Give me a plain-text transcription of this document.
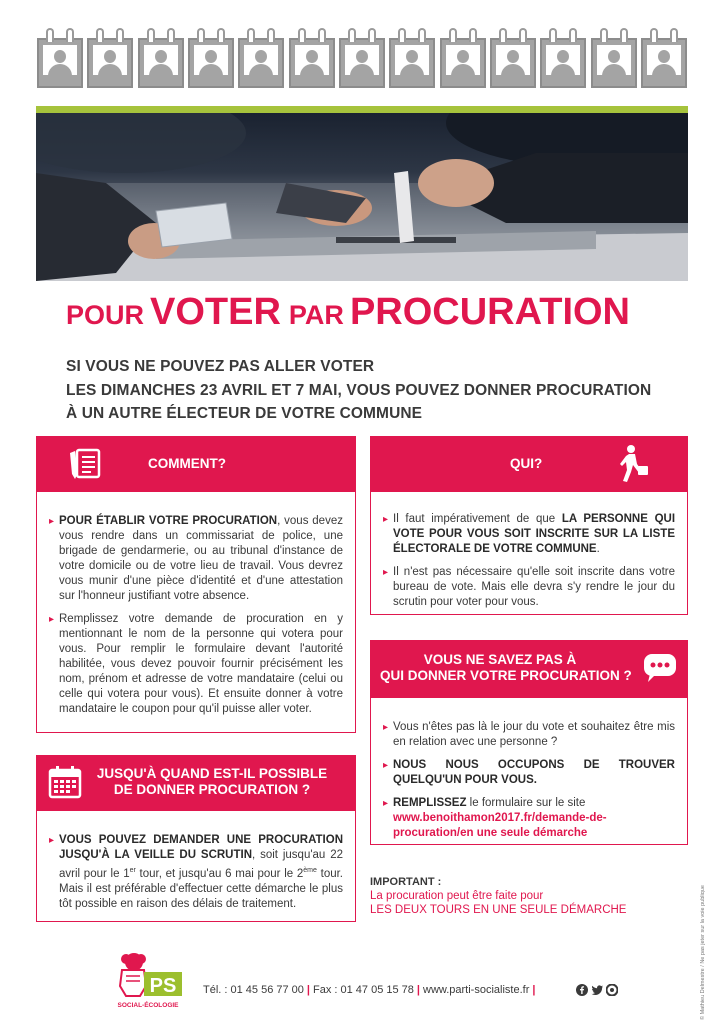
POUR VOTER PAR PROCURATION
SI VOUS NE POUVEZ PAS ALLER VOTER
LES DIMANCHES 23 AVRIL ET 7 MAI, VOUS POUVEZ DONNER PROCURATION
À UN AUTRE ÉLECTEUR DE VOTRE COMMUNE
COMMENT?

▸ POUR ÉTABLIR VOTRE PROCURATION, vous devez vous rendre dans un commissariat de police, une brigade de gendarmerie, ou au tribunal d'instance de votre domicile ou de votre lieu de travail. Vous devrez vous munir d'une pièce d'identité et d'une attestation sur l'honneur justifiant votre absence.

▸ Remplissez votre demande de procuration en y mentionnant le nom de la personne qui votera pour vous. Pour remplir le formulaire devant l'autorité habilitée, vous devez pouvoir fournir précisément les nom, prénom et adresse de votre mandataire (celui ou celle qui votera pour vous). Et ensuite donner à votre mandataire le coupon pour qu'il puisse aller voter.

JUSQU'À QUAND EST-IL POSSIBLE
DE DONNER PROCURATION ?

▸ VOUS POUVEZ DEMANDER UNE PROCURATION JUSQU'À LA VEILLE DU SCRUTIN, soit jusqu'au 22 avril pour le 1er tour, et jusqu'au 6 mai pour le 2ème tour. Mais il est préférable d'effectuer cette démarche le plus tôt possible en raison des délais de traitement.

QUI?

▸ Il faut impérativement de que LA PERSONNE QUI VOTE POUR VOUS SOIT INSCRITE SUR LA LISTE ÉLECTORALE DE VOTRE COMMUNE.

▸ Il n'est pas nécessaire qu'elle soit inscrite dans votre bureau de vote. Mais elle devra s'y rendre le jour du scrutin pour voter pour vous.

VOUS NE SAVEZ PAS À
QUI DONNER VOTRE PROCURATION ?

▸ Vous n'êtes pas là le jour du vote et souhaitez être mis en relation avec une personne ?

▸ NOUS NOUS OCCUPONS DE TROUVER QUELQU'UN POUR VOUS.

▸ REMPLISSEZ le formulaire sur le site
www.benoithamon2017.fr/demande-de-procuration/en une seule démarche

IMPORTANT :
La procuration peut être faite pour
LES DEUX TOURS EN UNE SEULE DÉMARCHE	© Mathieu Delmestre / Ne pas jeter sur la voie publique
PS
SOCIAL-ÉCOLOGIE
Tél. : 01 45 56 77 00 | Fax : 01 47 05 15 78 | www.parti-socialiste.fr |
